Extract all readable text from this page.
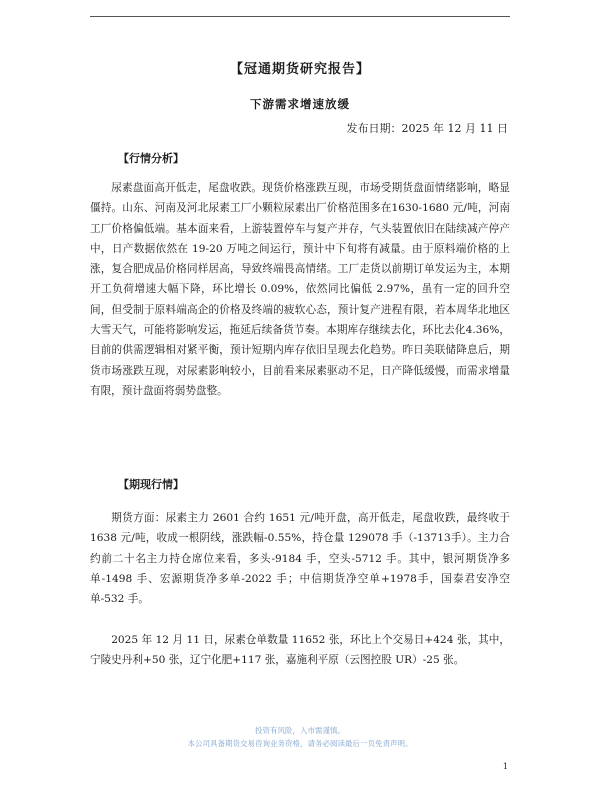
【冠通期货研究报告】
下游需求增速放缓
发布日期：2025 年 12 月 11 日
【行情分析】

尿素盘面高开低走，尾盘收跌。现货价格涨跌互现，市场受期货盘面情绪影响，略显僵持。山东、河南及河北尿素工厂小颗粒尿素出厂价格范围多在1630-1680 元/吨，河南工厂价格偏低端。基本面来看，上游装置停车与复产并存，气头装置依旧在陆续减产停产中，日产数据依然在 19-20 万吨之间运行，预计中下旬将有减量。由于原料端价格的上涨，复合肥成品价格同样居高，导致终端畏高情绪。工厂走货以前期订单发运为主，本期开工负荷增速大幅下降，环比增长 0.09%，依然同比偏低 2.97%，虽有一定的回升空间，但受制于原料端高企的价格及终端的疲软心态，预计复产进程有限，若本周华北地区大雪天气，可能将影响发运，拖延后续备货节奏。本期库存继续去化，环比去化4.36%，目前的供需逻辑相对紧平衡，预计短期内库存依旧呈现去化趋势。昨日美联储降息后，期货市场涨跌互现，对尿素影响较小，目前看来尿素驱动不足，日产降低缓慢，而需求增量有限，预计盘面将弱势盘整。

【期现行情】

期货方面：尿素主力 2601 合约 1651 元/吨开盘，高开低走，尾盘收跌，最终收于 1638 元/吨，收成一根阴线，涨跌幅-0.55%，持仓量 129078 手（-13713手）。主力合约前二十名主力持仓席位来看，多头-9184 手，空头-5712 手。其中，银河期货净多单-1498 手、宏源期货净多单-2022 手；中信期货净空单+1978手，国泰君安净空单-532 手。

2025 年 12 月 11 日，尿素仓单数量 11652 张，环比上个交易日+424 张，其中，宁陵史丹利+50 张，辽宁化肥+117 张，嘉施利平原（云图控股 UR）-25 张。

投资有风险，入市需谨慎。
本公司具备期货交易咨询业务资格，请务必阅读最后一页免责声明。
1
